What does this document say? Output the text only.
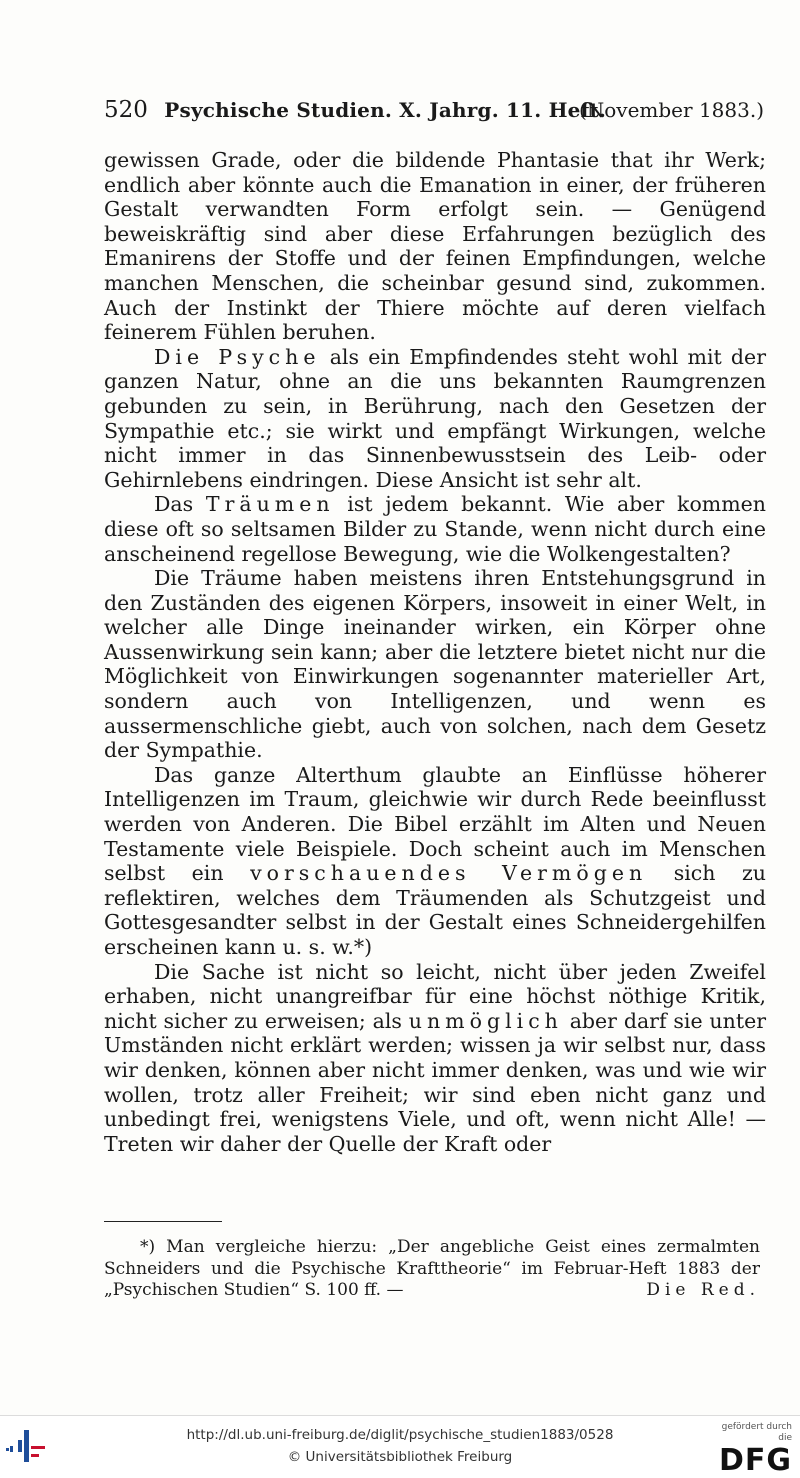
520 Psychische Studien. X. Jahrg. 11. Heft.
(November 1883.)

gewissen Grade, oder die bildende Phantasie that ihr Werk; endlich aber könnte auch die Emanation in einer, der früheren Gestalt verwandten Form erfolgt sein. — Genügend beweiskräftig sind aber diese Erfahrungen bezüglich des Emanirens der Stoffe und der feinen Empfindungen, welche manchen Menschen, die scheinbar gesund sind, zukommen. Auch der Instinkt der Thiere möchte auf deren vielfach feinerem Fühlen beruhen.

Die Psyche als ein Empfindendes steht wohl mit der ganzen Natur, ohne an die uns bekannten Raumgrenzen gebunden zu sein, in Berührung, nach den Gesetzen der Sympathie etc.; sie wirkt und empfängt Wirkungen, welche nicht immer in das Sinnenbewusstsein des Leib- oder Gehirnlebens eindringen. Diese Ansicht ist sehr alt.

Das Träumen ist jedem bekannt. Wie aber kommen diese oft so seltsamen Bilder zu Stande, wenn nicht durch eine anscheinend regellose Bewegung, wie die Wolkengestalten?

Die Träume haben meistens ihren Entstehungsgrund in den Zuständen des eigenen Körpers, insoweit in einer Welt, in welcher alle Dinge ineinander wirken, ein Körper ohne Aussenwirkung sein kann; aber die letztere bietet nicht nur die Möglichkeit von Einwirkungen sogenannter materieller Art, sondern auch von Intelligenzen, und wenn es aussermenschliche giebt, auch von solchen, nach dem Gesetz der Sympathie.

Das ganze Alterthum glaubte an Einflüsse höherer Intelligenzen im Traum, gleichwie wir durch Rede beeinflusst werden von Anderen. Die Bibel erzählt im Alten und Neuen Testamente viele Beispiele. Doch scheint auch im Menschen selbst ein vorschauendes Vermögen sich zu reflektiren, welches dem Träumenden als Schutzgeist und Gottesgesandter selbst in der Gestalt eines Schneidergehilfen erscheinen kann u. s. w.*)

Die Sache ist nicht so leicht, nicht über jeden Zweifel erhaben, nicht unangreifbar für eine höchst nöthige Kritik, nicht sicher zu erweisen; als unmöglich aber darf sie unter Umständen nicht erklärt werden; wissen ja wir selbst nur, dass wir denken, können aber nicht immer denken, was und wie wir wollen, trotz aller Freiheit; wir sind eben nicht ganz und unbedingt frei, wenigstens Viele, und oft, wenn nicht Alle! — Treten wir daher der Quelle der Kraft oder

*) Man vergleiche hierzu: „Der angebliche Geist eines zermalmten Schneiders und die Psychische Krafttheorie“ im Februar-Heft 1883 der „Psychischen Studien“ S. 100 ff. —	Die Red.

http://dl.ub.uni-freiburg.de/diglit/psychische_studien1883/0528
© Universitätsbibliothek Freiburg
gefördert durch die
DFG
